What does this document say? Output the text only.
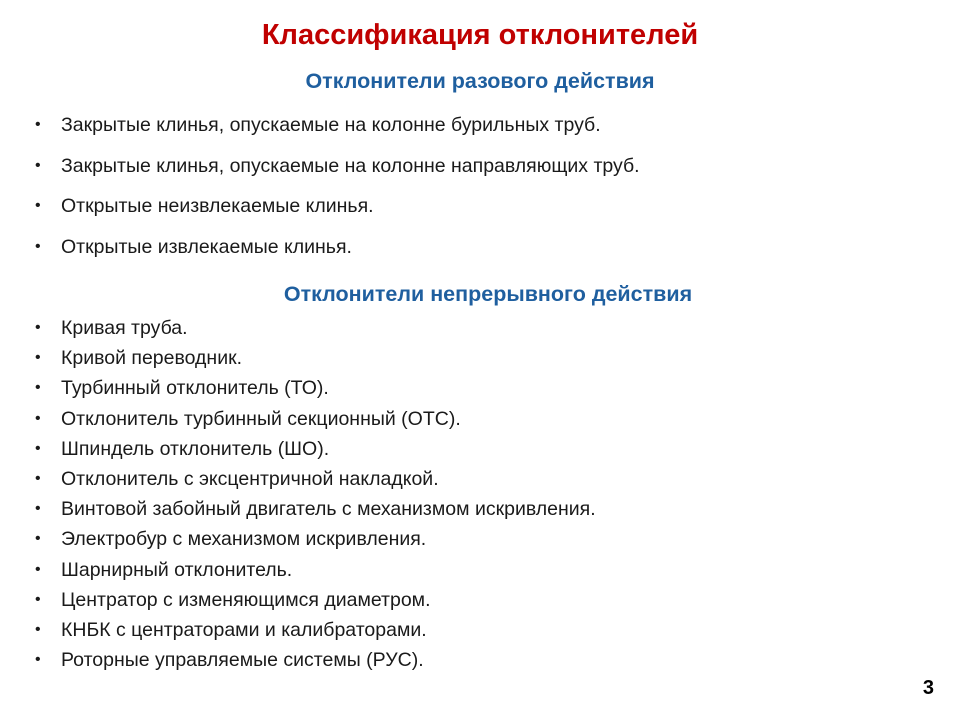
Классификация отклонителей
Отклонители разового действия
• Закрытые клинья, опускаемые на колонне бурильных труб.
• Закрытые клинья, опускаемые на колонне направляющих труб.
• Открытые неизвлекаемые клинья.
• Открытые извлекаемые клинья.
Отклонители непрерывного действия
• Кривая труба.
• Кривой переводник.
• Турбинный отклонитель (ТО).
• Отклонитель турбинный секционный (ОТС).
• Шпиндель отклонитель (ШО).
• Отклонитель с эксцентричной накладкой.
• Винтовой забойный двигатель с механизмом искривления.
• Электробур с механизмом искривления.
• Шарнирный отклонитель.
• Центратор с изменяющимся диаметром.
• КНБК с центраторами и калибраторами.
• Роторные управляемые системы (РУС).
3
